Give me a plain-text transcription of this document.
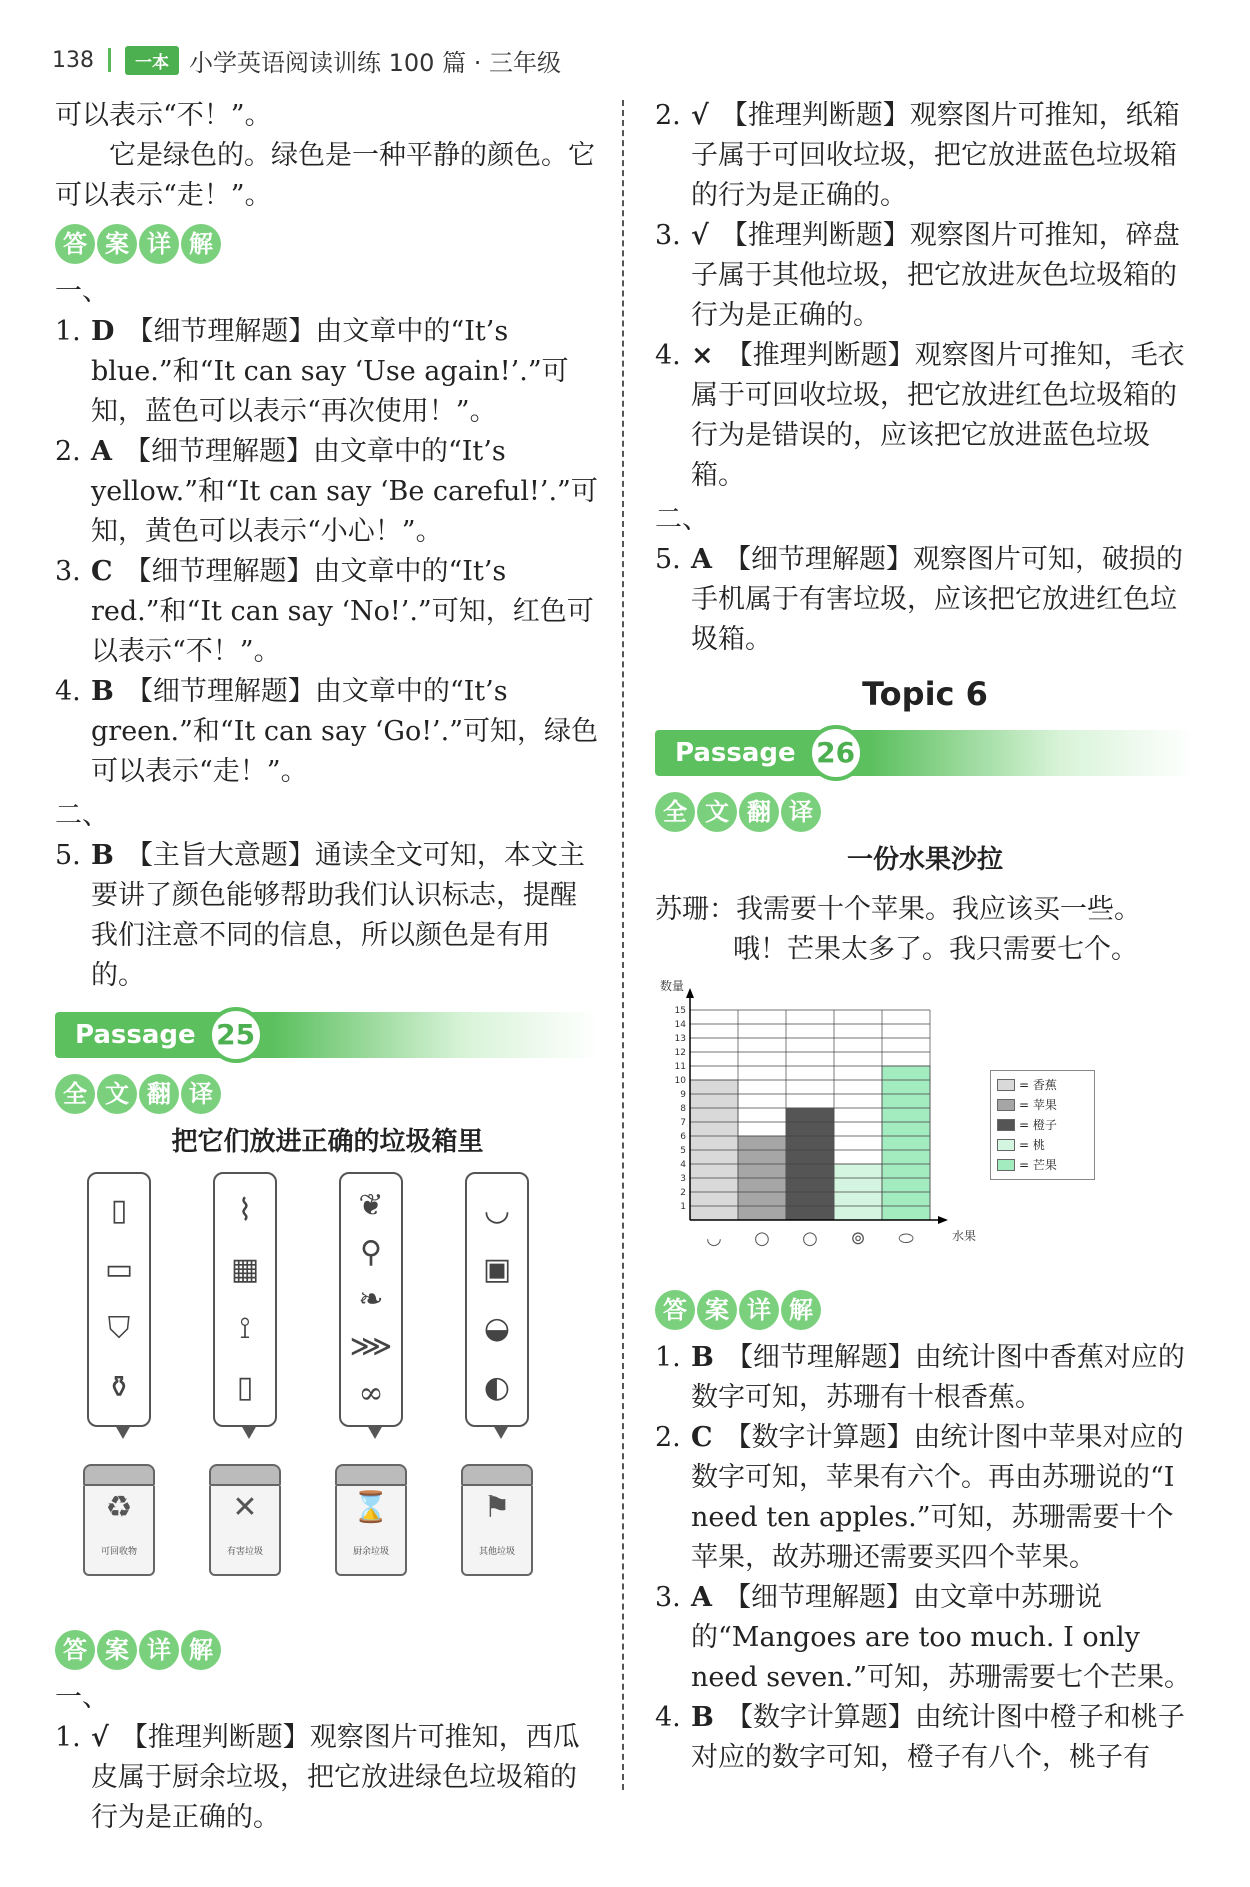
138	一本 小学英语阅读训练 100 篇 · 三年级

可以表示“不！”。

它是绿色的。绿色是一种平静的颜色。它可以表示“走！”。

答 案 详 解

一、

1. D 【细节理解题】由文章中的“It’s blue.”和“It can say ‘Use again!’.”可知，蓝色可以表示“再次使用！”。

2. A 【细节理解题】由文章中的“It’s yellow.”和“It can say ‘Be careful!’.”可知，黄色可以表示“小心！”。

3. C 【细节理解题】由文章中的“It’s red.”和“It can say ‘No!’.”可知，红色可以表示“不！”。

4. B 【细节理解题】由文章中的“It’s green.”和“It can say ‘Go!’.”可知，绿色可以表示“走！”。

二、

5. B 【主旨大意题】通读全文可知，本文主要讲了颜色能够帮助我们认识标志，提醒我们注意不同的信息，所以颜色是有用的。

Passage 25
全 文 翻 译

把它们放进正确的垃圾箱里

▯
▭
⛉
⚱
⌇
▦
⟟
▯
❦
⚲
❧
⋙
∞
◡
▣
◒
◐
♻
可回收物
✕
有害垃圾
⌛
厨余垃圾
⚑
其他垃圾
答 案 详 解

一、

1. √ 【推理判断题】观察图片可推知，西瓜皮属于厨余垃圾，把它放进绿色垃圾箱的行为是正确的。

2. √ 【推理判断题】观察图片可推知，纸箱子属于可回收垃圾，把它放进蓝色垃圾箱的行为是正确的。

3. √ 【推理判断题】观察图片可推知，碎盘子属于其他垃圾，把它放进灰色垃圾箱的行为是正确的。

4. × 【推理判断题】观察图片可推知，毛衣属于可回收垃圾，把它放进红色垃圾箱的行为是错误的，应该把它放进蓝色垃圾箱。

二、

5. A 【细节理解题】观察图片可知，破损的手机属于有害垃圾，应该把它放进红色垃圾箱。

Topic 6

Passage 26
全 文 翻 译

一份水果沙拉

苏珊：我需要十个苹果。我应该买一些。

哦！芒果太多了。我只需要七个。

1
2
3
4
5
6
7
8
9
10
11
12
13
14
15
数量
水果
◡ ○ ○ ⊚ ⬭
= 香蕉
= 苹果
= 橙子
= 桃
= 芒果
答 案 详 解

1. B 【细节理解题】由统计图中香蕉对应的数字可知，苏珊有十根香蕉。

2. C 【数字计算题】由统计图中苹果对应的数字可知，苹果有六个。再由苏珊说的“I need ten apples.”可知，苏珊需要十个苹果，故苏珊还需要买四个苹果。

3. A 【细节理解题】由文章中苏珊说的“Mangoes are too much. I only need seven.”可知，苏珊需要七个芒果。

4. B 【数字计算题】由统计图中橙子和桃子对应的数字可知，橙子有八个，桃子有
